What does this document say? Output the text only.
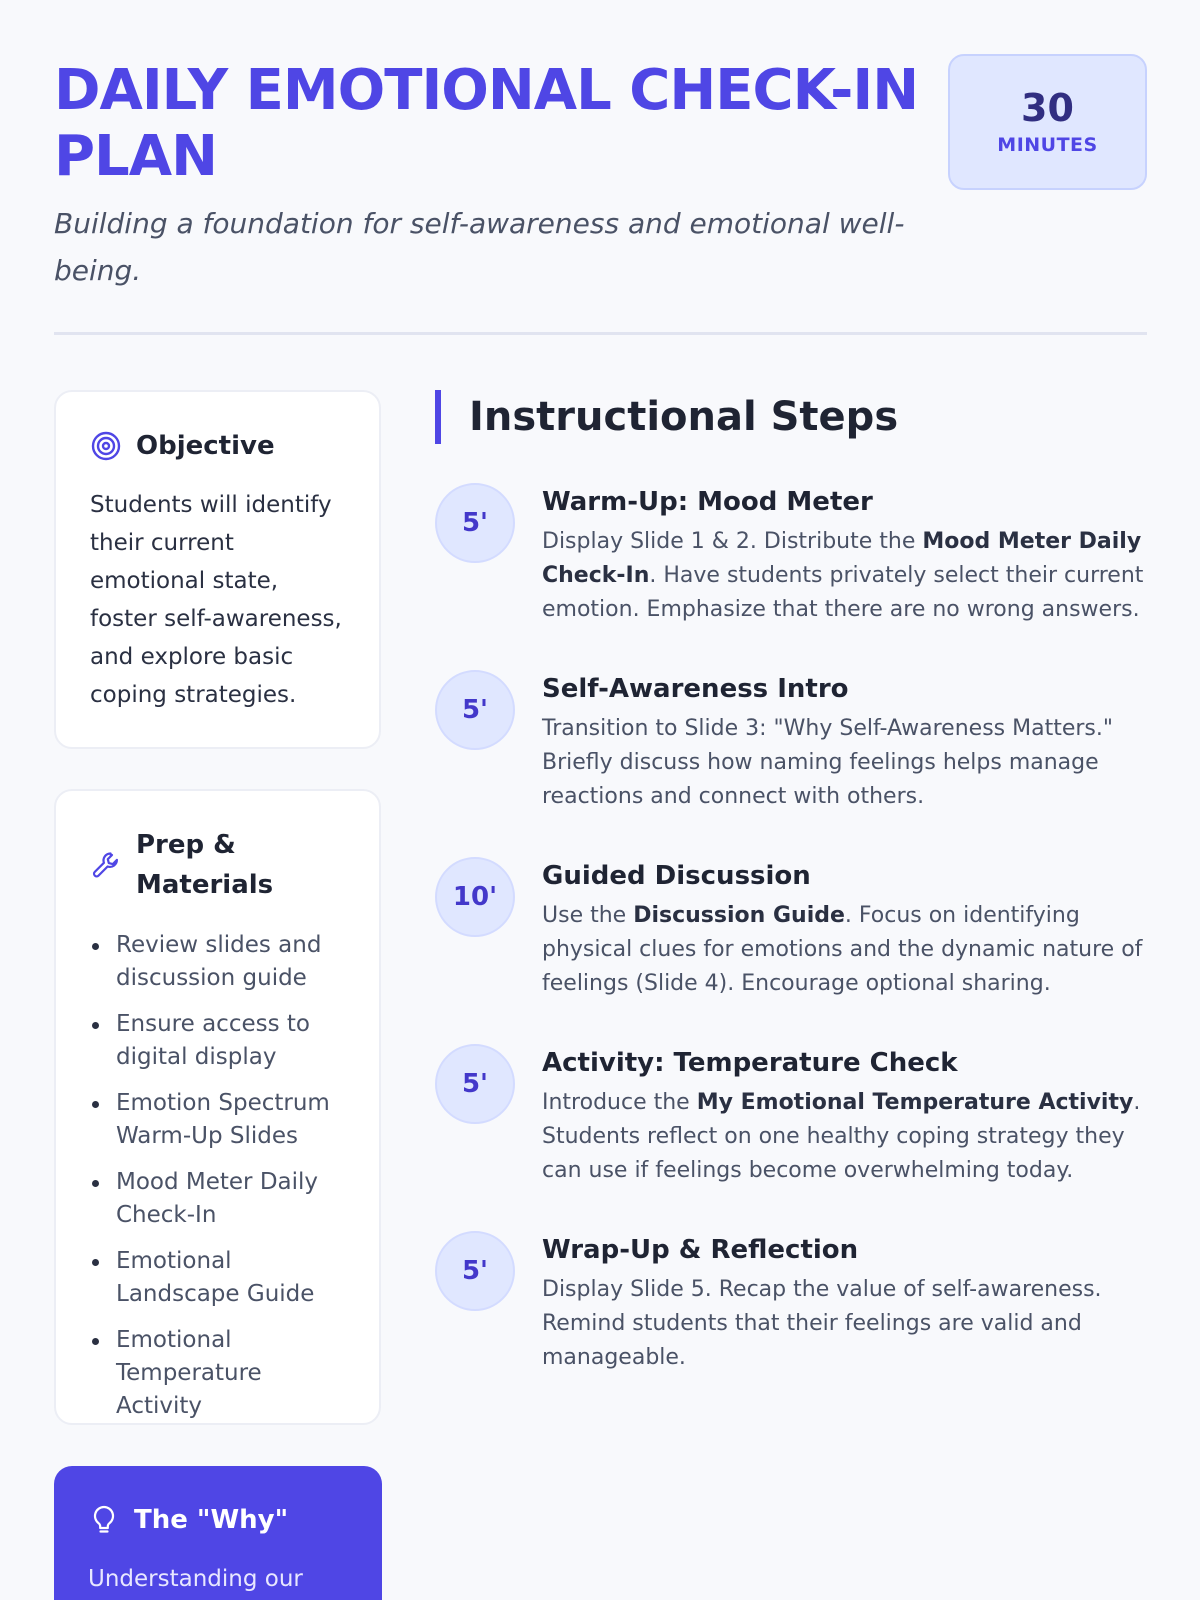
DAILY EMOTIONAL CHECK-IN PLAN
30
MINUTES

Building a foundation for self-awareness and emotional well-being.

Objective

Students will identify their current emotional state, foster self-awareness, and explore basic coping strategies.

Prep & Materials
Review slides and discussion guide
Ensure access to digital display
Emotion Spectrum Warm-Up Slides
Mood Meter Daily Check-In
Emotional Landscape Guide
Emotional Temperature Activity
The "Why"

Understanding our

Instructional Steps
5'
Warm-Up: Mood Meter

Display Slide 1 & 2. Distribute the Mood Meter Daily Check-In. Have students privately select their current emotion. Emphasize that there are no wrong answers.

5'
Self-Awareness Intro

Transition to Slide 3: "Why Self-Awareness Matters." Briefly discuss how naming feelings helps manage reactions and connect with others.

10'
Guided Discussion

Use the Discussion Guide. Focus on identifying physical clues for emotions and the dynamic nature of feelings (Slide 4). Encourage optional sharing.

5'
Activity: Temperature Check

Introduce the My Emotional Temperature Activity. Students reflect on one healthy coping strategy they can use if feelings become overwhelming today.

5'
Wrap-Up & Reflection

Display Slide 5. Recap the value of self-awareness. Remind students that their feelings are valid and manageable.
